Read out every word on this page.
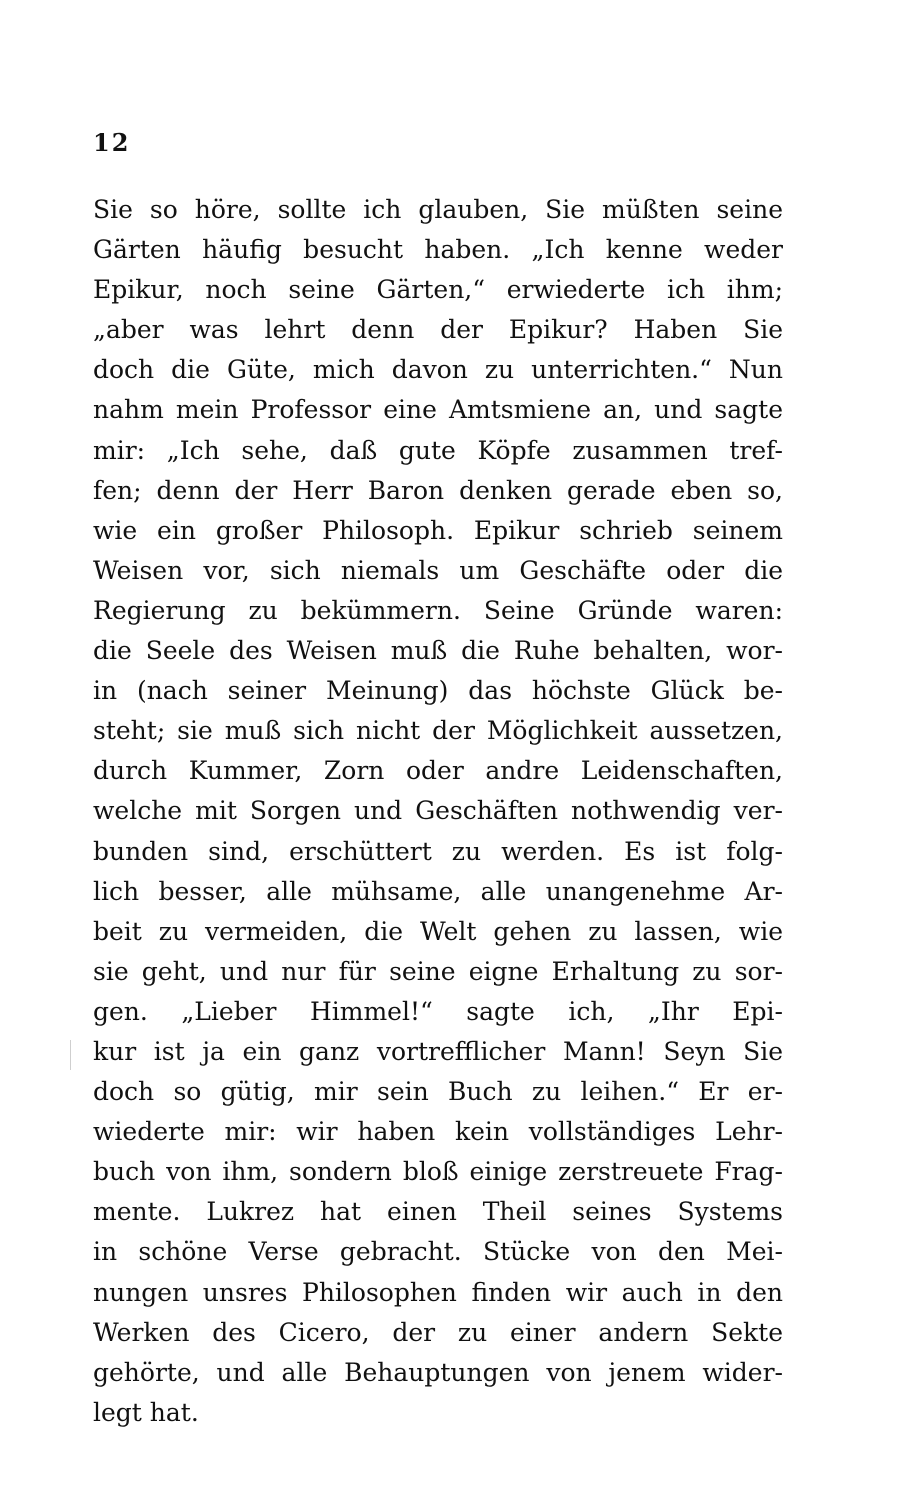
12
Sie so höre, sollte ich glauben, Sie müßten seine
Gärten häufig besucht haben. „Ich kenne weder
Epikur, noch seine Gärten,“ erwiederte ich ihm;
„aber was lehrt denn der Epikur? Haben Sie
doch die Güte, mich davon zu unterrichten.“ Nun
nahm mein Professor eine Amtsmiene an, und sagte
mir: „Ich sehe, daß gute Köpfe zusammen tref-
fen; denn der Herr Baron denken gerade eben so,
wie ein großer Philosoph. Epikur schrieb seinem
Weisen vor, sich niemals um Geschäfte oder die
Regierung zu bekümmern. Seine Gründe waren:
die Seele des Weisen muß die Ruhe behalten, wor-
in (nach seiner Meinung) das höchste Glück be-
steht; sie muß sich nicht der Möglichkeit aussetzen,
durch Kummer, Zorn oder andre Leidenschaften,
welche mit Sorgen und Geschäften nothwendig ver-
bunden sind, erschüttert zu werden. Es ist folg-
lich besser, alle mühsame, alle unangenehme Ar-
beit zu vermeiden, die Welt gehen zu lassen, wie
sie geht, und nur für seine eigne Erhaltung zu sor-
gen. „Lieber Himmel!“ sagte ich, „Ihr Epi-
kur ist ja ein ganz vortrefflicher Mann! Seyn Sie
doch so gütig, mir sein Buch zu leihen.“ Er er-
wiederte mir: wir haben kein vollständiges Lehr-
buch von ihm, sondern bloß einige zerstreuete Frag-
mente. Lukrez hat einen Theil seines Systems
in schöne Verse gebracht. Stücke von den Mei-
nungen unsres Philosophen finden wir auch in den
Werken des Cicero, der zu einer andern Sekte
gehörte, und alle Behauptungen von jenem wider-
legt hat.
